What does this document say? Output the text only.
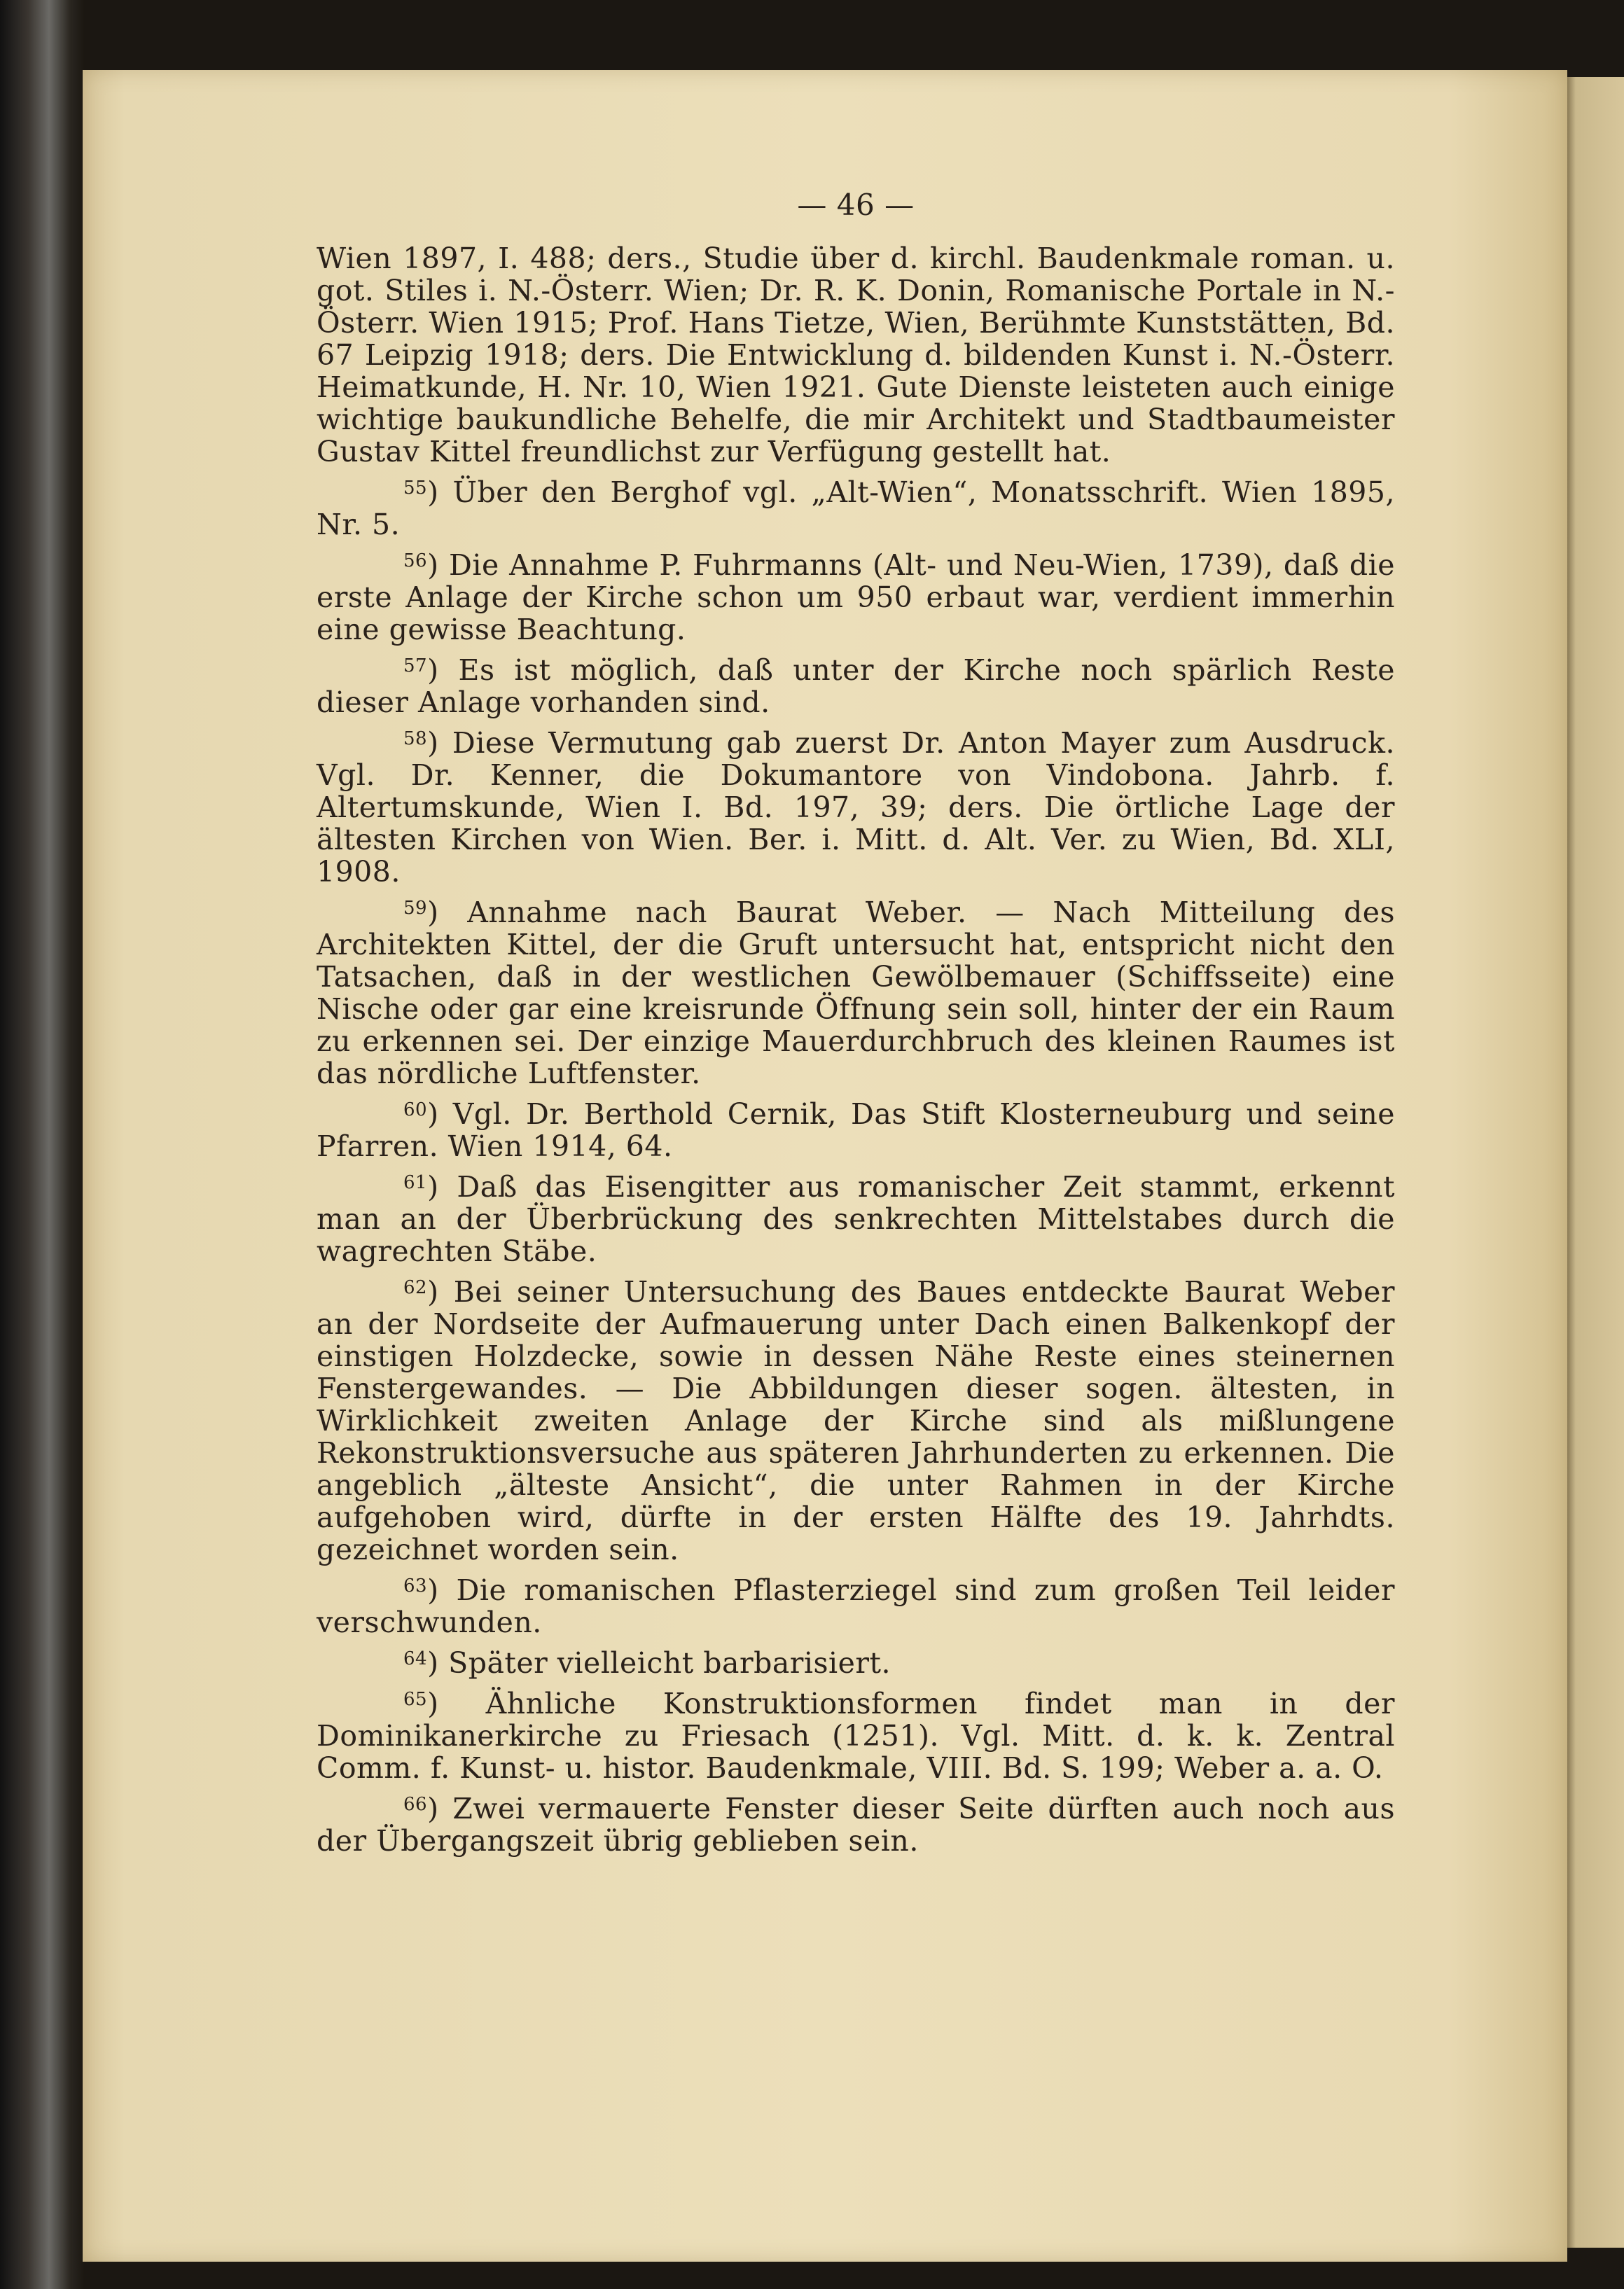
— 46 —

Wien 1897, I. 488; ders., Studie über d. kirchl. Baudenkmale roman. u. got. Stiles i. N.-Österr. Wien; Dr. R. K. Donin, Romanische Portale in N.-Österr. Wien 1915; Prof. Hans Tietze, Wien, Berühmte Kunststätten, Bd. 67 Leipzig 1918; ders. Die Entwicklung d. bildenden Kunst i. N.-Österr. Heimatkunde, H. Nr. 10, Wien 1921. Gute Dienste leisteten auch einige wichtige baukundliche Behelfe, die mir Architekt und Stadtbaumeister Gustav Kittel freundlichst zur Verfügung gestellt hat.

$^{55}$) Über den Berghof vgl. „Alt-Wien“, Monatsschrift. Wien 1895, Nr. 5.

$^{56}$) Die Annahme P. Fuhrmanns (Alt- und Neu-Wien, 1739), daß die erste Anlage der Kirche schon um 950 erbaut war, verdient immerhin eine gewisse Beachtung.

$^{57}$) Es ist möglich, daß unter der Kirche noch spärlich Reste dieser Anlage vorhanden sind.

$^{58}$) Diese Vermutung gab zuerst Dr. Anton Mayer zum Ausdruck. Vgl. Dr. Kenner, die Dokumantore von Vindobona. Jahrb. f. Altertumskunde, Wien I. Bd. 197, 39; ders. Die örtliche Lage der ältesten Kirchen von Wien. Ber. i. Mitt. d. Alt. Ver. zu Wien, Bd. XLI, 1908.

$^{59}$) Annahme nach Baurat Weber. — Nach Mitteilung des Architekten Kittel, der die Gruft untersucht hat, entspricht nicht den Tatsachen, daß in der westlichen Gewölbemauer (Schiffsseite) eine Nische oder gar eine kreisrunde Öffnung sein soll, hinter der ein Raum zu erkennen sei. Der einzige Mauerdurchbruch des kleinen Raumes ist das nördliche Luftfenster.

$^{60}$) Vgl. Dr. Berthold Cernik, Das Stift Klosterneuburg und seine Pfarren. Wien 1914, 64.

$^{61}$) Daß das Eisengitter aus romanischer Zeit stammt, erkennt man an der Überbrückung des senkrechten Mittelstabes durch die wagrechten Stäbe.

$^{62}$) Bei seiner Untersuchung des Baues entdeckte Baurat Weber an der Nordseite der Aufmauerung unter Dach einen Balkenkopf der einstigen Holzdecke, sowie in dessen Nähe Reste eines steinernen Fenstergewandes. — Die Abbildungen dieser sogen. ältesten, in Wirklichkeit zweiten Anlage der Kirche sind als mißlungene Rekonstruktionsversuche aus späteren Jahrhunderten zu erkennen. Die angeblich „älteste Ansicht“, die unter Rahmen in der Kirche aufgehoben wird, dürfte in der ersten Hälfte des 19. Jahrhdts. gezeichnet worden sein.

$^{63}$) Die romanischen Pflasterziegel sind zum großen Teil leider verschwunden.

$^{64}$) Später vielleicht barbarisiert.

$^{65}$) Ähnliche Konstruktionsformen findet man in der Dominikanerkirche zu Friesach (1251). Vgl. Mitt. d. k. k. Zentral Comm. f. Kunst- u. histor. Baudenkmale, VIII. Bd. S. 199; Weber a. a. O.

$^{66}$) Zwei vermauerte Fenster dieser Seite dürften auch noch aus der Übergangszeit übrig geblieben sein.
